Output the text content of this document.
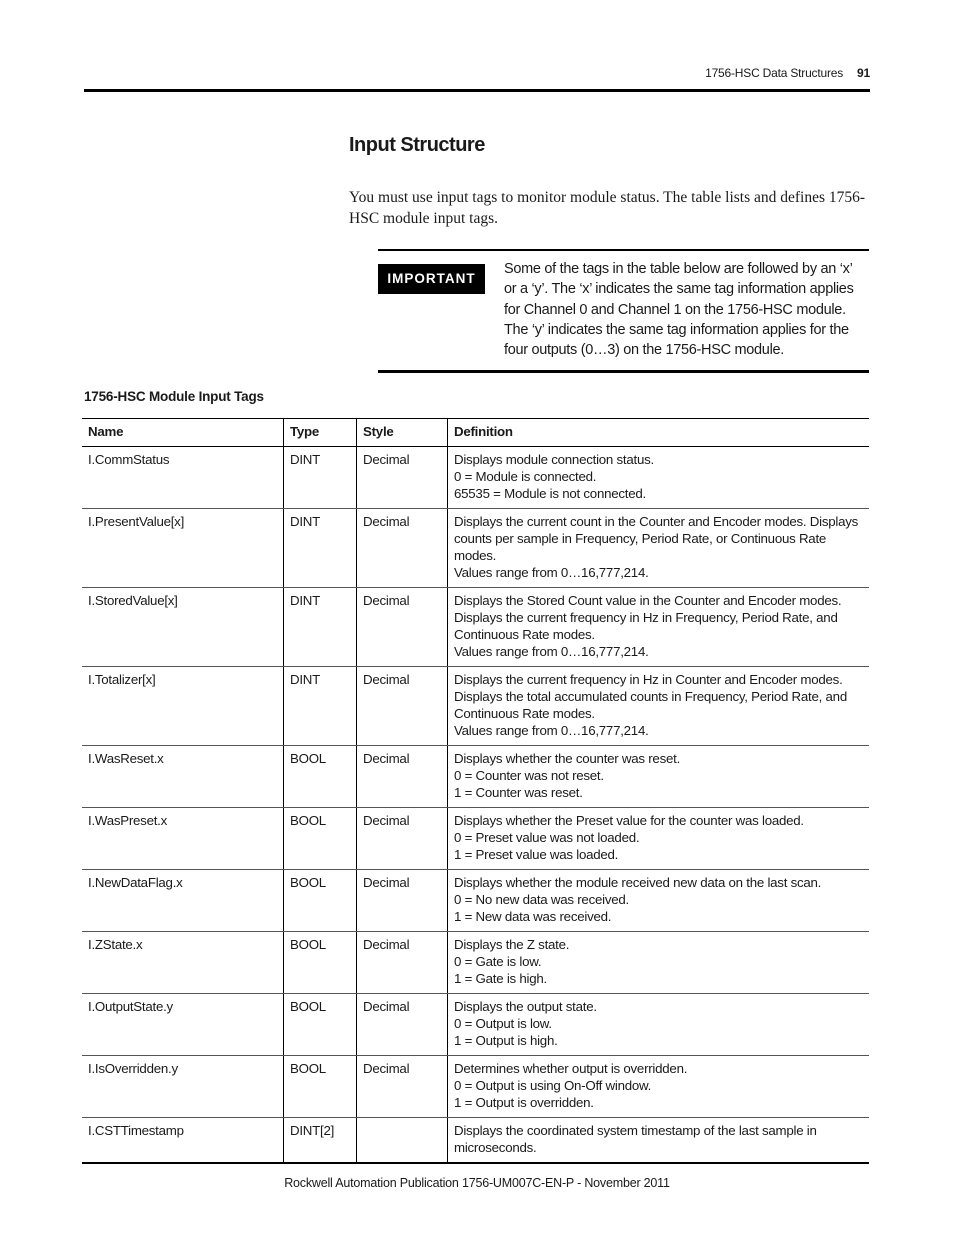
1756-HSC Data Structures 91
Input Structure
You must use input tags to monitor module status. The table lists and defines 1756-HSC module input tags.
IMPORTANT
Some of the tags in the table below are followed by an ‘x’ or a ‘y’. The ‘x’ indicates the same tag information applies for Channel 0 and Channel 1 on the 1756-HSC module. The ‘y’ indicates the same tag information applies for the four outputs (0…3) on the 1756-HSC module.
1756-HSC Module Input Tags
Name	Type	Style	Definition
I.CommStatus	DINT	Decimal	Displays module connection status.
0 = Module is connected.
65535 = Module is not connected.

I.PresentValue[x]	DINT	Decimal	Displays the current count in the Counter and Encoder modes. Displays counts per sample in Frequency, Period Rate, or Continuous Rate modes.
Values range from 0…16,777,214.

I.StoredValue[x]	DINT	Decimal	Displays the Stored Count value in the Counter and Encoder modes.
Displays the current frequency in Hz in Frequency, Period Rate, and Continuous Rate modes.
Values range from 0…16,777,214.

I.Totalizer[x]	DINT	Decimal	Displays the current frequency in Hz in Counter and Encoder modes.
Displays the total accumulated counts in Frequency, Period Rate, and Continuous Rate modes.
Values range from 0…16,777,214.

I.WasReset.x	BOOL	Decimal	Displays whether the counter was reset.
0 = Counter was not reset.
1 = Counter was reset.

I.WasPreset.x	BOOL	Decimal	Displays whether the Preset value for the counter was loaded.
0 = Preset value was not loaded.
1 = Preset value was loaded.

I.NewDataFlag.x	BOOL	Decimal	Displays whether the module received new data on the last scan.
0 = No new data was received.
1 = New data was received.

I.ZState.x	BOOL	Decimal	Displays the Z state.
0 = Gate is low.
1 = Gate is high.

I.OutputState.y	BOOL	Decimal	Displays the output state.
0 = Output is low.
1 = Output is high.

I.IsOverridden.y	BOOL	Decimal	Determines whether output is overridden.
0 = Output is using On-Off window.
1 = Output is overridden.

I.CSTTimestamp	DINT[2]		Displays the coordinated system timestamp of the last sample in microseconds.
Rockwell Automation Publication 1756-UM007C-EN-P - November 2011
